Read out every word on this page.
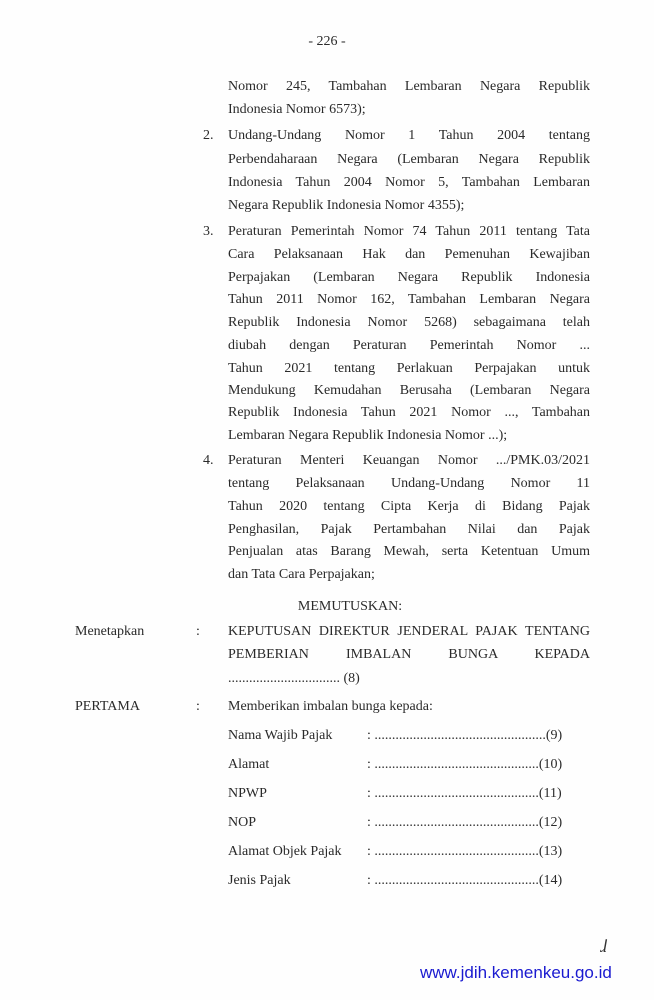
- 226 -
Nomor 245, Tambahan Lembaran Negara Republik
Indonesia Nomor 6573);
2. Undang-Undang Nomor 1 Tahun 2004 tentang
Perbendaharaan Negara (Lembaran Negara Republik
Indonesia Tahun 2004 Nomor 5, Tambahan Lembaran
Negara Republik Indonesia Nomor 4355);
3. Peraturan Pemerintah Nomor 74 Tahun 2011 tentang Tata
Cara Pelaksanaan Hak dan Pemenuhan Kewajiban
Perpajakan (Lembaran Negara Republik Indonesia
Tahun 2011 Nomor 162, Tambahan Lembaran Negara
Republik Indonesia Nomor 5268) sebagaimana telah
diubah dengan Peraturan Pemerintah Nomor ...
Tahun 2021 tentang Perlakuan Perpajakan untuk
Mendukung Kemudahan Berusaha (Lembaran Negara
Republik Indonesia Tahun 2021 Nomor ..., Tambahan
Lembaran Negara Republik Indonesia Nomor ...);
4. Peraturan Menteri Keuangan Nomor .../PMK.03/2021
tentang Pelaksanaan Undang-Undang Nomor 11
Tahun 2020 tentang Cipta Kerja di Bidang Pajak
Penghasilan, Pajak Pertambahan Nilai dan Pajak
Penjualan atas Barang Mewah, serta Ketentuan Umum
dan Tata Cara Perpajakan;
MEMUTUSKAN:
Menetapkan	: KEPUTUSAN DIREKTUR JENDERAL PAJAK TENTANG
PEMBERIAN IMBALAN BUNGA KEPADA
................................ (8)
PERTAMA	: Memberikan imbalan bunga kepada:
Nama Wajib Pajak : .................................................(9)
Alamat	: ...............................................(10)
NPWP	: ...............................................(11)
NOP	: ...............................................(12)
Alamat Objek Pajak : ...............................................(13)
Jenis Pajak	: ...............................................(14)
www.jdih.kemenkeu.go.id
ɺ
